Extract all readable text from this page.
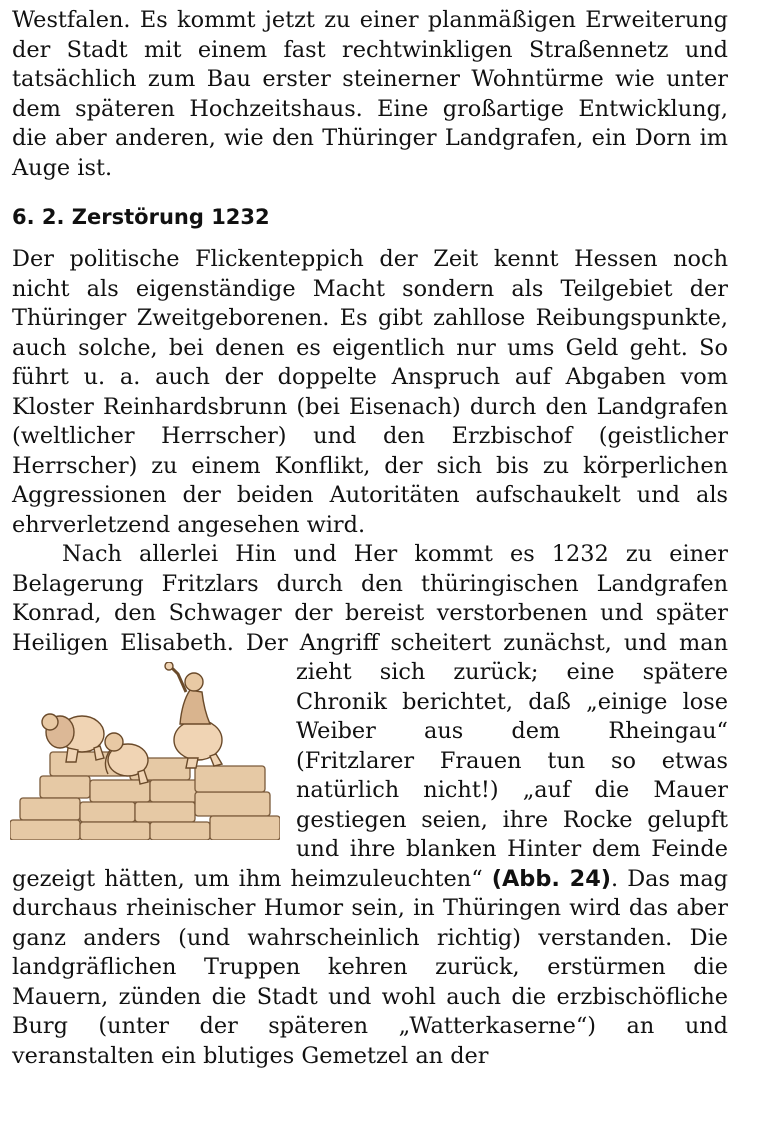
Westfalen. Es kommt jetzt zu einer planmäßigen Erweiterung der Stadt mit einem fast rechtwinkligen Straßennetz und tatsächlich zum Bau erster steinerner Wohntürme wie unter dem späteren Hochzeitshaus. Eine großartige Entwicklung, die aber anderen, wie den Thüringer Landgrafen, ein Dorn im Auge ist.

6. 2. Zerstörung 1232

Der politische Flickenteppich der Zeit kennt Hessen noch nicht als eigenständige Macht sondern als Teilgebiet der Thüringer Zweitgeborenen. Es gibt zahllose Reibungspunkte, auch solche, bei denen es eigentlich nur ums Geld geht. So führt u. a. auch der doppelte Anspruch auf Abgaben vom Kloster Reinhardsbrunn (bei Eisenach) durch den Landgrafen (weltlicher Herrscher) und den Erzbischof (geistlicher Herrscher) zu einem Konflikt, der sich bis zu körperlichen Aggressionen der beiden Autoritäten aufschaukelt und als ehrverletzend angesehen wird.

Nach allerlei Hin und Her kommt es 1232 zu einer Belagerung Fritzlars durch den thüringischen Landgrafen Konrad, den Schwager der bereist verstorbenen und später Heiligen Elisabeth. Der Angriff scheitert zunächst,
und man zieht sich zurück; eine spätere Chronik berichtet, daß „einige lose Weiber aus dem Rheingau“ (Fritzlarer Frauen tun so etwas natürlich nicht!) „auf die Mauer gestiegen seien, ihre Rocke gelupft und ihre blanken Hinter dem Feinde gezeigt hätten, um ihm heimzuleuchten“ (Abb. 24). Das mag durchaus rheinischer Humor sein, in Thüringen wird das aber ganz anders (und wahrscheinlich richtig) verstanden. Die landgräflichen Truppen kehren zurück, erstürmen die Mauern, zünden die Stadt und wohl auch die erzbischöfliche Burg (unter der späteren „Watterkaserne“) an und veranstalten ein blutiges Gemetzel an der
